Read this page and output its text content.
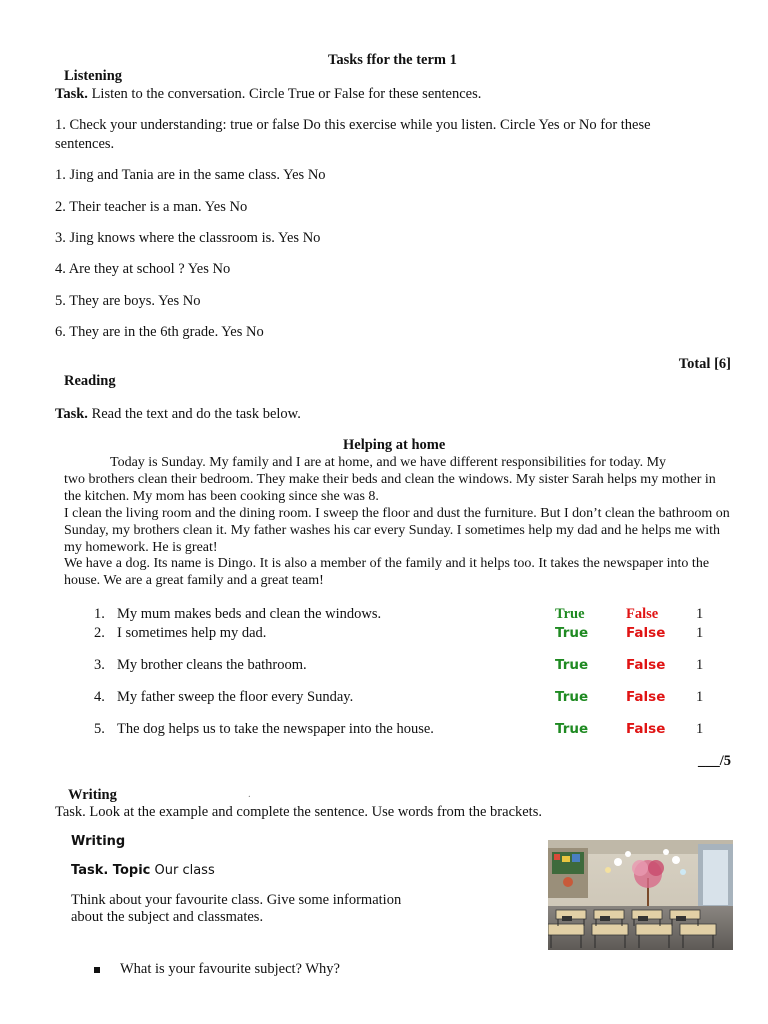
Tasks ffor the term 1
Listening
Task. Listen to the conversation. Circle True or False for these sentences.
1. Check your understanding: true or false Do this exercise while you listen. Circle Yes or No for these
sentences.
1. Jing and Tania are in the same class. Yes No
2. Their teacher is a man. Yes No
3. Jing knows where the classroom is. Yes No
4. Are they at school ? Yes No
5. They are boys. Yes No
6. They are in the 6th grade. Yes No
Total [6]
Reading
Task. Read the text and do the task below.
Helping at home
Today is Sunday. My family and I are at home, and we have different responsibilities for today. My
two brothers clean their bedroom. They make their beds and clean the windows. My sister Sarah helps my mother in the kitchen. My mom has been cooking since she was 8.
I clean the living room and the dining room. I sweep the floor and dust the furniture. But I don’t clean the bathroom on Sunday, my brothers clean it. My father washes his car every Sunday. I sometimes help my dad and he helps me with my homework. He is great!
We have a dog. Its name is Dingo. It is also a member of the family and it helps too. It takes the newspaper into the house. We are a great family and a great team!
1. My mum makes beds and clean the windows.	True	False	1
2. I sometimes help my dad.	True	False 1
3. My brother cleans the bathroom.	True	False 1
4. My father sweep the floor every Sunday.	True	False 1
5. The dog helps us to take the newspaper into the house.	True	False 1
___/5
Writing	.
Task. Look at the example and complete the sentence. Use words from the brackets.
Writing
Task. Topic Our class
Think about your favourite class. Give some information
about the subject and classmates.
What is your favourite subject? Why?
